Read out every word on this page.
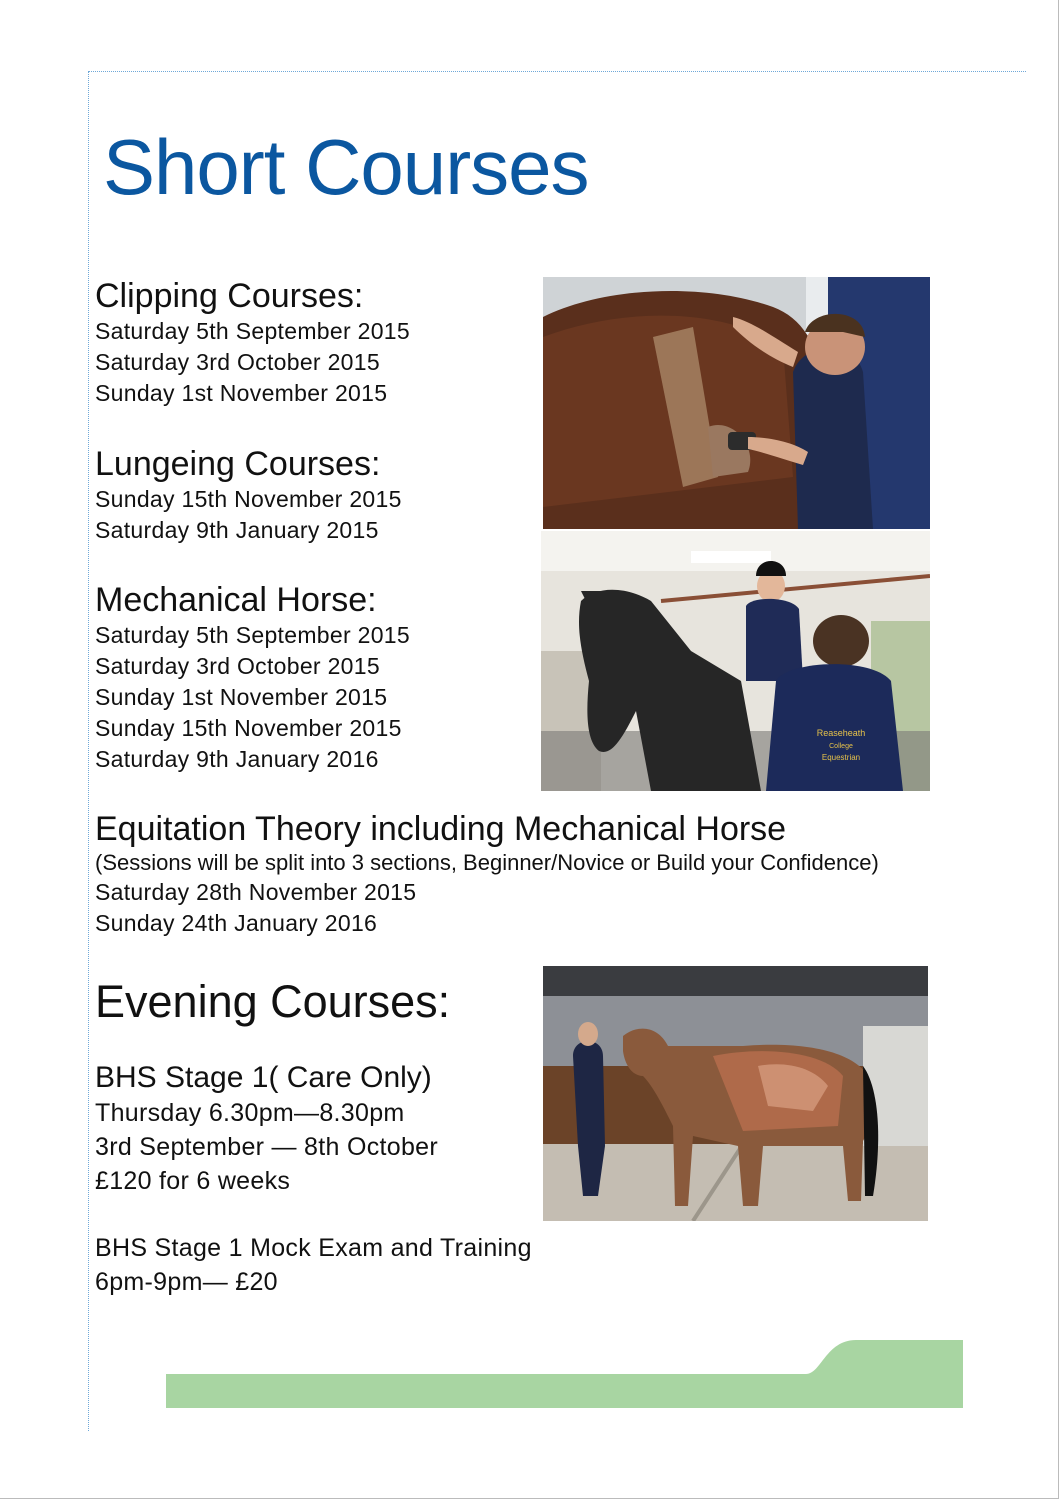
Short Courses
Clipping Courses:
Saturday 5th September 2015
Saturday 3rd October 2015
Sunday 1st November 2015
Lungeing Courses:
Sunday 15th November 2015
Saturday 9th January 2015
Mechanical Horse:
Saturday 5th September 2015
Saturday 3rd October 2015
Sunday 1st November 2015
Sunday 15th November 2015
Saturday 9th January 2016
Equitation Theory including Mechanical Horse
(Sessions will be split into 3 sections, Beginner/Novice or Build your Confidence)
Saturday 28th November 2015
Sunday 24th January 2016
Evening Courses:
BHS Stage 1( Care Only)
Thursday 6.30pm—8.30pm
3rd September — 8th October
£120 for 6 weeks
BHS Stage 1 Mock Exam and Training
6pm-9pm— £20
Reaseheath
College
Equestrian
